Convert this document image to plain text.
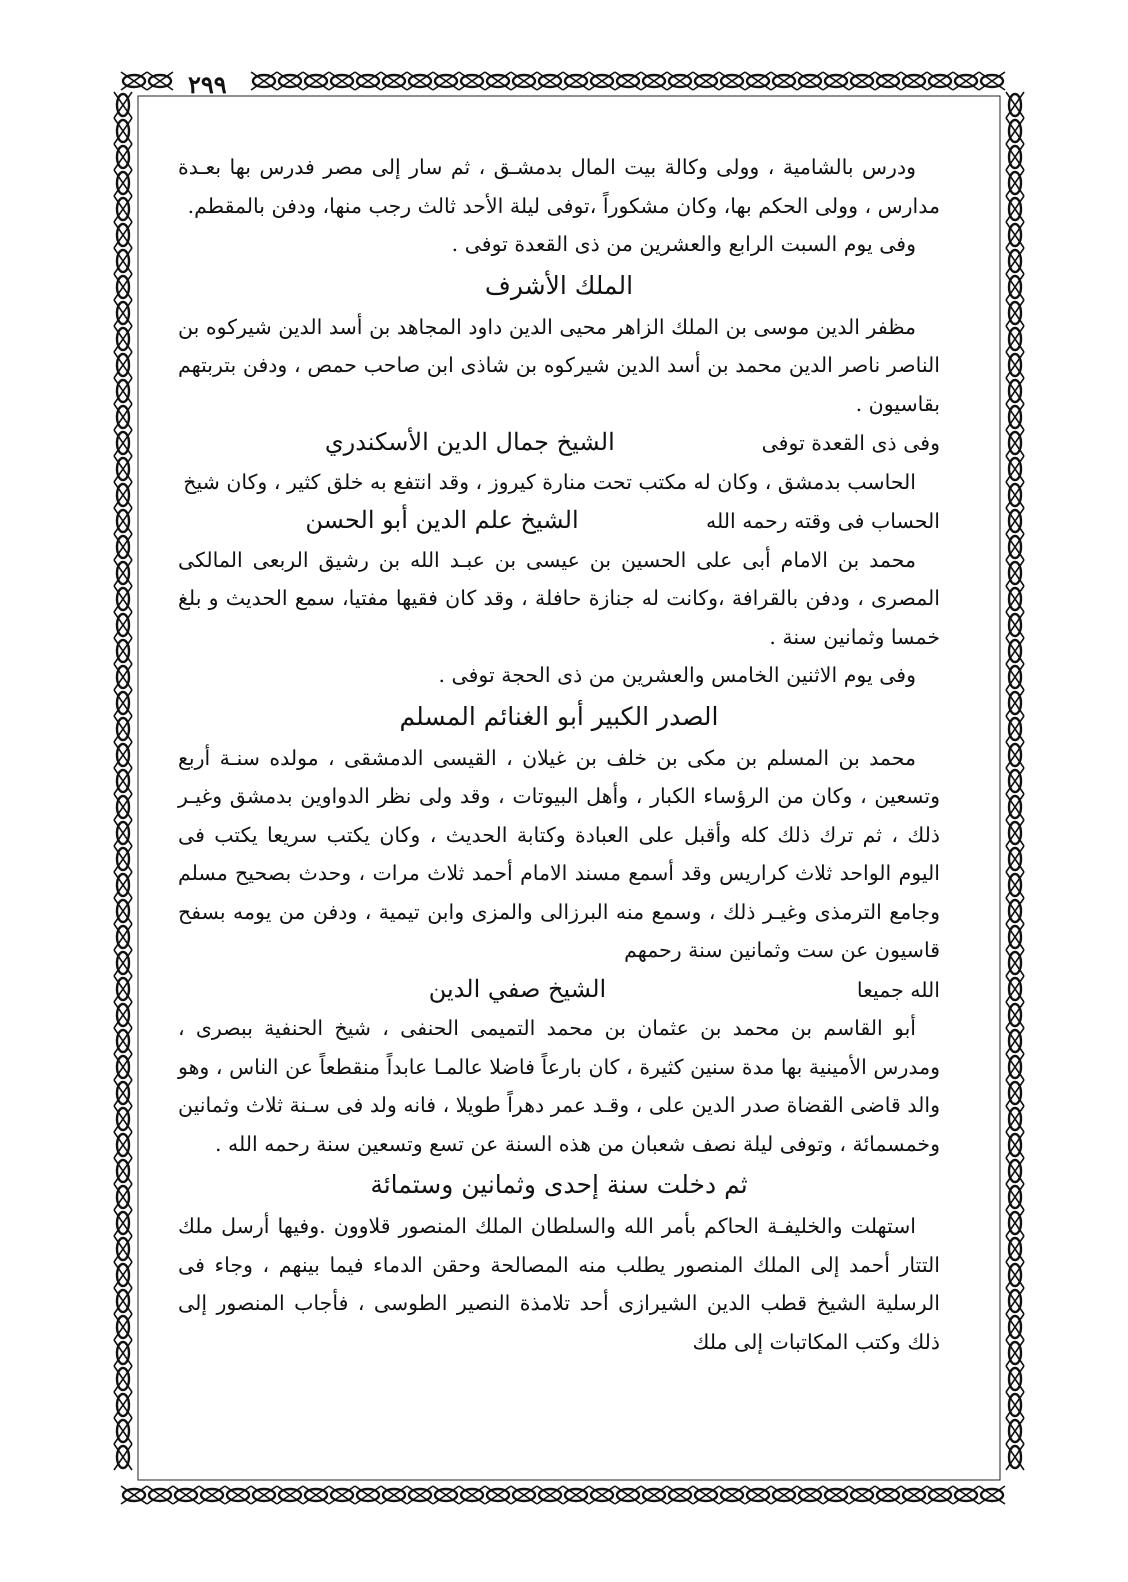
٢٩٩

ودرس بالشامية ، وولى وكالة بيت المال بدمشـق ، ثم سار إلى مصر فدرس بها بعـدة مدارس ، وولى الحكم بها، وكان مشكوراً ،توفى ليلة الأحد ثالث رجب منها، ودفن بالمقطم.

وفى يوم السبت الرابع والعشرين من ذى القعدة توفى .

الملك الأشرف

مظفر الدين موسى بن الملك الزاهر محيى الدين داود المجاهد بن أسد الدين شيركوه بن الناصر ناصر الدين محمد بن أسد الدين شيركوه بن شاذى ابن صاحب حمص ، ودفن بتربتهم بقاسيون .

وفى ذى القعدة توفى
الشيخ جمال الدين الأسكندري

الحاسب بدمشق ، وكان له مكتب تحت منارة كيروز ، وقد انتفع به خلق كثير ، وكان شيخ

الحساب فى وقته رحمه الله
الشيخ علم الدين أبو الحسن

محمد بن الامام أبى على الحسين بن عيسى بن عبـد الله بن رشيق الربعى المالكى المصرى ، ودفن بالقرافة ،وكانت له جنازة حافلة ، وقد كان فقيها مفتيا، سمع الحديث و بلغ خمسا وثمانين سنة .

وفى يوم الاثنين الخامس والعشرين من ذى الحجة توفى .

الصدر الكبير أبو الغنائم المسلم

محمد بن المسلم بن مكى بن خلف بن غيلان ، القيسى الدمشقى ، مولده سنـة أربع وتسعين ، وكان من الرؤساء الكبار ، وأهل البيوتات ، وقد ولى نظر الدواوين بدمشق وغيـر ذلك ، ثم ترك ذلك كله وأقبل على العبادة وكتابة الحديث ، وكان يكتب سريعا يكتب فى اليوم الواحد ثلاث كراريس وقد أسمع مسند الامام أحمد ثلاث مرات ، وحدث بصحيح مسلم وجامع الترمذى وغيـر ذلك ، وسمع منه البرزالى والمزى وابن تيمية ، ودفن من يومه بسفح قاسيون عن ست وثمانين سنة رحمهم

الله جميعا
الشيخ صفي الدين

أبو القاسم بن محمد بن عثمان بن محمد التميمى الحنفى ، شيخ الحنفية ببصرى ، ومدرس الأمينية بها مدة سنين كثيرة ، كان بارعاً فاضلا عالمـا عابداً منقطعاً عن الناس ، وهو والد قاضى القضاة صدر الدين على ، وقـد عمر دهراً طويلا ، فانه ولد فى سـنة ثلاث وثمانين وخمسمائة ، وتوفى ليلة نصف شعبان من هذه السنة عن تسع وتسعين سنة رحمه الله .

ثم دخلت سنة إحدى وثمانين وستمائة

استهلت والخليفـة الحاكم بأمر الله والسلطان الملك المنصور قلاوون .وفيها أرسل ملك التتار أحمد إلى الملك المنصور يطلب منه المصالحة وحقن الدماء فيما بينهم ، وجاء فى الرسلية الشيخ قطب الدين الشيرازى أحد تلامذة النصير الطوسى ، فأجاب المنصور إلى ذلك وكتب المكاتبات إلى ملك
